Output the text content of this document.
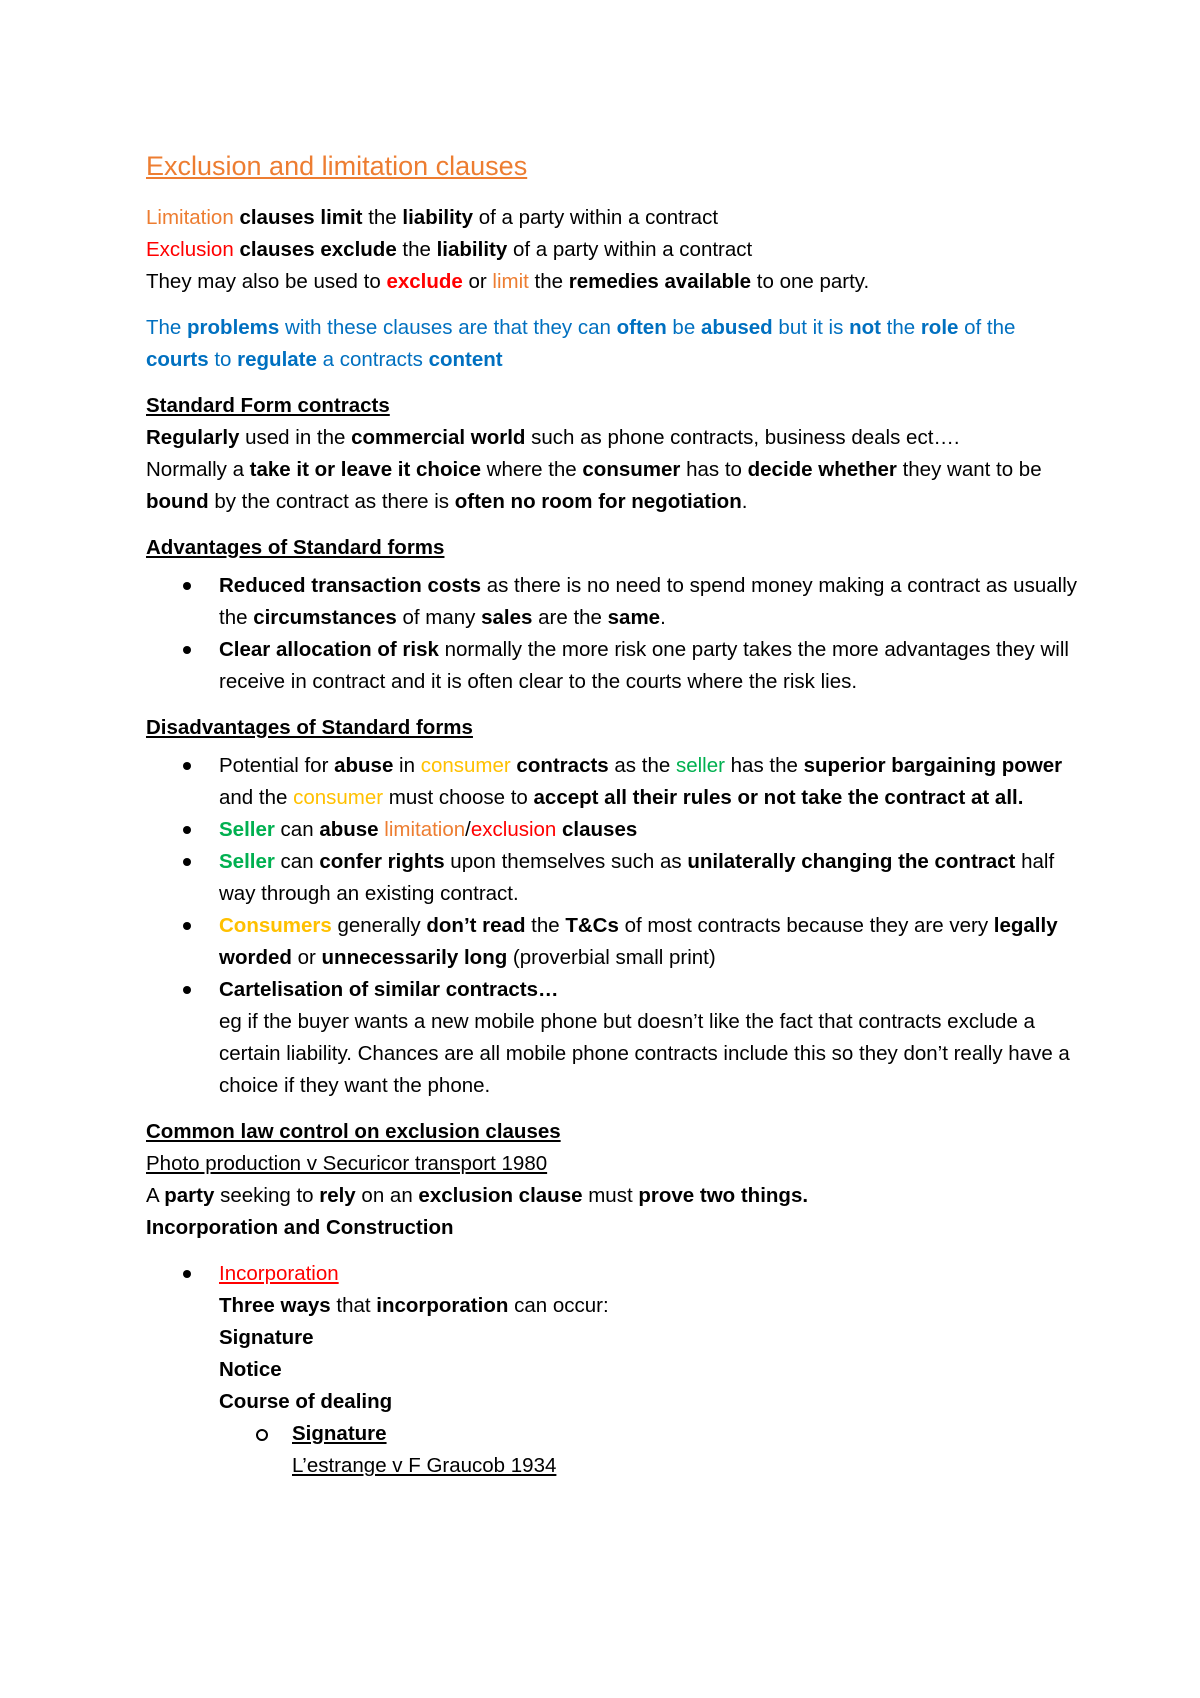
Exclusion and limitation clauses

Limitation clauses limit the liability of a party within a contract

Exclusion clauses exclude the liability of a party within a contract

They may also be used to exclude or limit the remedies available to one party.

The problems with these clauses are that they can often be abused but it is not the role of the courts to regulate a contracts content

Standard Form contracts

Regularly used in the commercial world such as phone contracts, business deals ect….

Normally a take it or leave it choice where the consumer has to decide whether they want to be bound by the contract as there is often no room for negotiation.

Advantages of Standard forms

Reduced transaction costs as there is no need to spend money making a contract as usually the circumstances of many sales are the same.
Clear allocation of risk normally the more risk one party takes the more advantages they will receive in contract and it is often clear to the courts where the risk lies.

Disadvantages of Standard forms

Potential for abuse in consumer contracts as the seller has the superior bargaining power and the consumer must choose to accept all their rules or not take the contract at all.
Seller can abuse limitation/exclusion clauses
Seller can confer rights upon themselves such as unilaterally changing the contract half way through an existing contract.
Consumers generally don’t read the T&Cs of most contracts because they are very legally worded or unnecessarily long (proverbial small print)
Cartelisation of similar contracts…
eg if the buyer wants a new mobile phone but doesn’t like the fact that contracts exclude a certain liability. Chances are all mobile phone contracts include this so they don’t really have a choice if they want the phone.

Common law control on exclusion clauses

Photo production v Securicor transport 1980

A party seeking to rely on an exclusion clause must prove two things.

Incorporation and Construction

Incorporation
Three ways that incorporation can occur:
Signature
Notice
Course of dealing
Signature
L’estrange v F Graucob 1934
